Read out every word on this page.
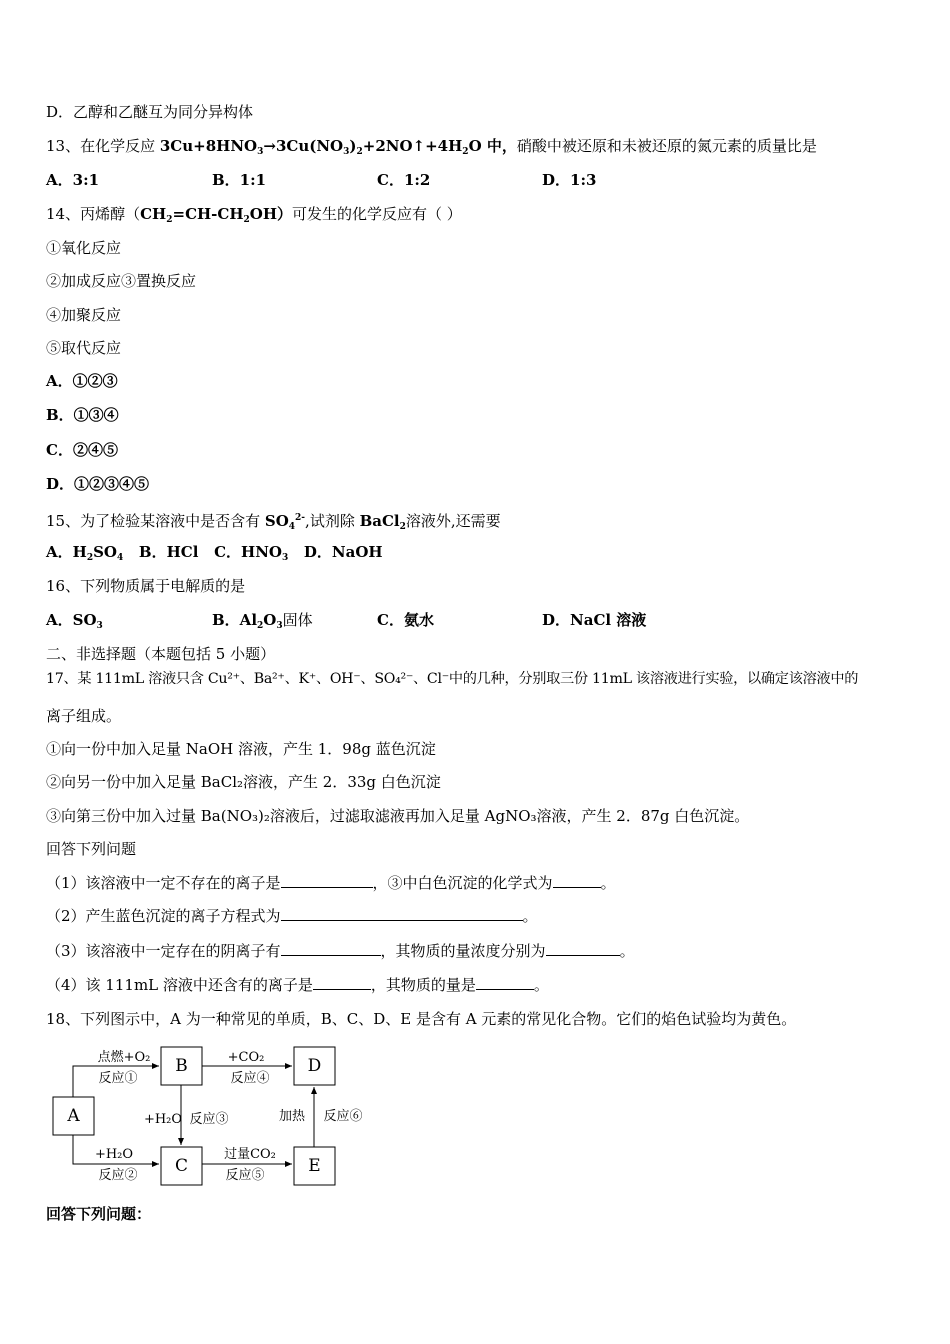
D．乙醇和乙醚互为同分异构体
13、在化学反应 $3Cu+8HNO_3\to 3Cu(NO_3)_2+2NO↑+4H_2O$ 中，硝酸中被还原和未被还原的氮元素的质量比是
A．3:1	B．1:1	C．1:2	D．1:3
14、丙烯醇$(CH_2=CH-CH_2OH)$可发生的化学反应有（ ）
①氧化反应
②加成反应③置换反应
④加聚反应
⑤取代反应
A．①②③
B．①③④
C．②④⑤
D．①②③④⑤
15、为了检验某溶液中是否含有 $SO_4^{2-}$,试剂除 BaCl$_2$溶液外,还需要
A．$H_2SO_4$ B．HCl C．$HNO_3$ D．NaOH
16、下列物质属于电解质的是
A．$SO_3$	B．$Al_2O_3$固体	C．氨水	D．NaCl 溶液
二、非选择题（本题包括 5 小题）
17、某 111mL 溶液只含 Cu²⁺、Ba²⁺、K⁺、OH⁻、SO₄²⁻、Cl⁻中的几种，分别取三份 11mL 该溶液进行实验，以确定该溶液中的
离子组成。
①向一份中加入足量 NaOH 溶液，产生 1．98g 蓝色沉淀
②向另一份中加入足量 BaCl₂溶液，产生 2．33g 白色沉淀
③向第三份中加入过量 Ba(NO₃)₂溶液后，过滤取滤液再加入足量 AgNO₃溶液，产生 2．87g 白色沉淀。
回答下列问题
（1）该溶液中一定不存在的离子是	，③中白色沉淀的化学式为	。
（2）产生蓝色沉淀的离子方程式为	。
（3）该溶液中一定存在的阴离子有	，其物质的量浓度分别为	。
（4）该 111mL 溶液中还含有的离子是	，其物质的量是	。
18、下列图示中，A 为一种常见的单质，B、C、D、E 是含有 A 元素的常见化合物。它们的焰色试验均为黄色。
A
B
C
D
E
点燃+O₂
反应①
+H₂O
反应②
+H₂O 反应③
+CO₂
反应④
过量CO₂
反应⑤
加热 反应⑥
回答下列问题：
